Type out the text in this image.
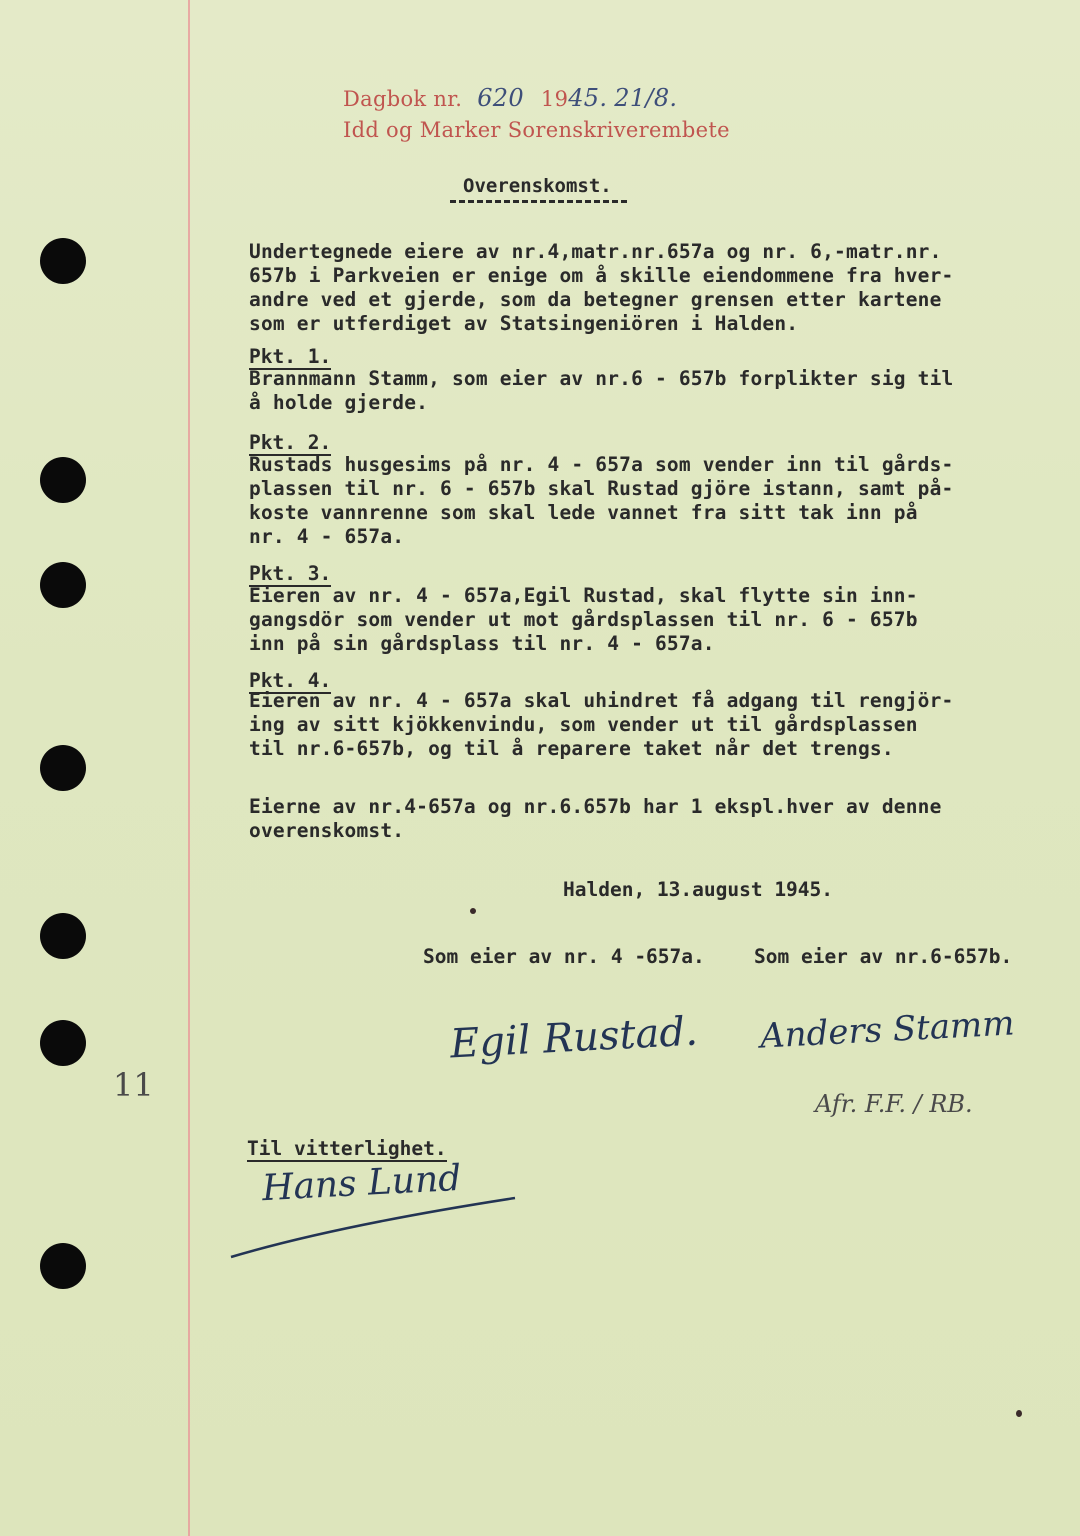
Dagbok nr. 620 1945. 21/8.
Idd og Marker Sorenskriverembete
Overenskomst.
Undertegnede eiere av nr.4,matr.nr.657a og nr. 6,-matr.nr.
657b i Parkveien er enige om å skille eiendommene fra hver-
andre ved et gjerde, som da betegner grensen etter kartene
som er utferdiget av Statsingeniören i Halden.
Pkt. 1.
Brannmann Stamm, som eier av nr.6 - 657b forplikter sig til
å holde gjerde.
Pkt. 2.
Rustads husgesims på nr. 4 - 657a som vender inn til gårds-
plassen til nr. 6 - 657b skal Rustad gjöre istann, samt på-
koste vannrenne som skal lede vannet fra sitt tak inn på
nr. 4 - 657a.
Pkt. 3.
Eieren av nr. 4 - 657a,Egil Rustad, skal flytte sin inn-
gangsdör som vender ut mot gårdsplassen til nr. 6 - 657b
inn på sin gårdsplass til nr. 4 - 657a.
Pkt. 4.
Eieren av nr. 4 - 657a skal uhindret få adgang til rengjör-
ing av sitt kjökkenvindu, som vender ut til gårdsplassen
til nr.6-657b, og til å reparere taket når det trengs.
Eierne av nr.4-657a og nr.6.657b har 1 ekspl.hver av denne
overenskomst.
Halden, 13.august 1945.
Som eier av nr. 4 -657a.	Som eier av nr.6-657b.
Egil Rustad. Anders Stamm
Afr. F.F. / RB.
11
Til vitterlighet.
Hans Lund
